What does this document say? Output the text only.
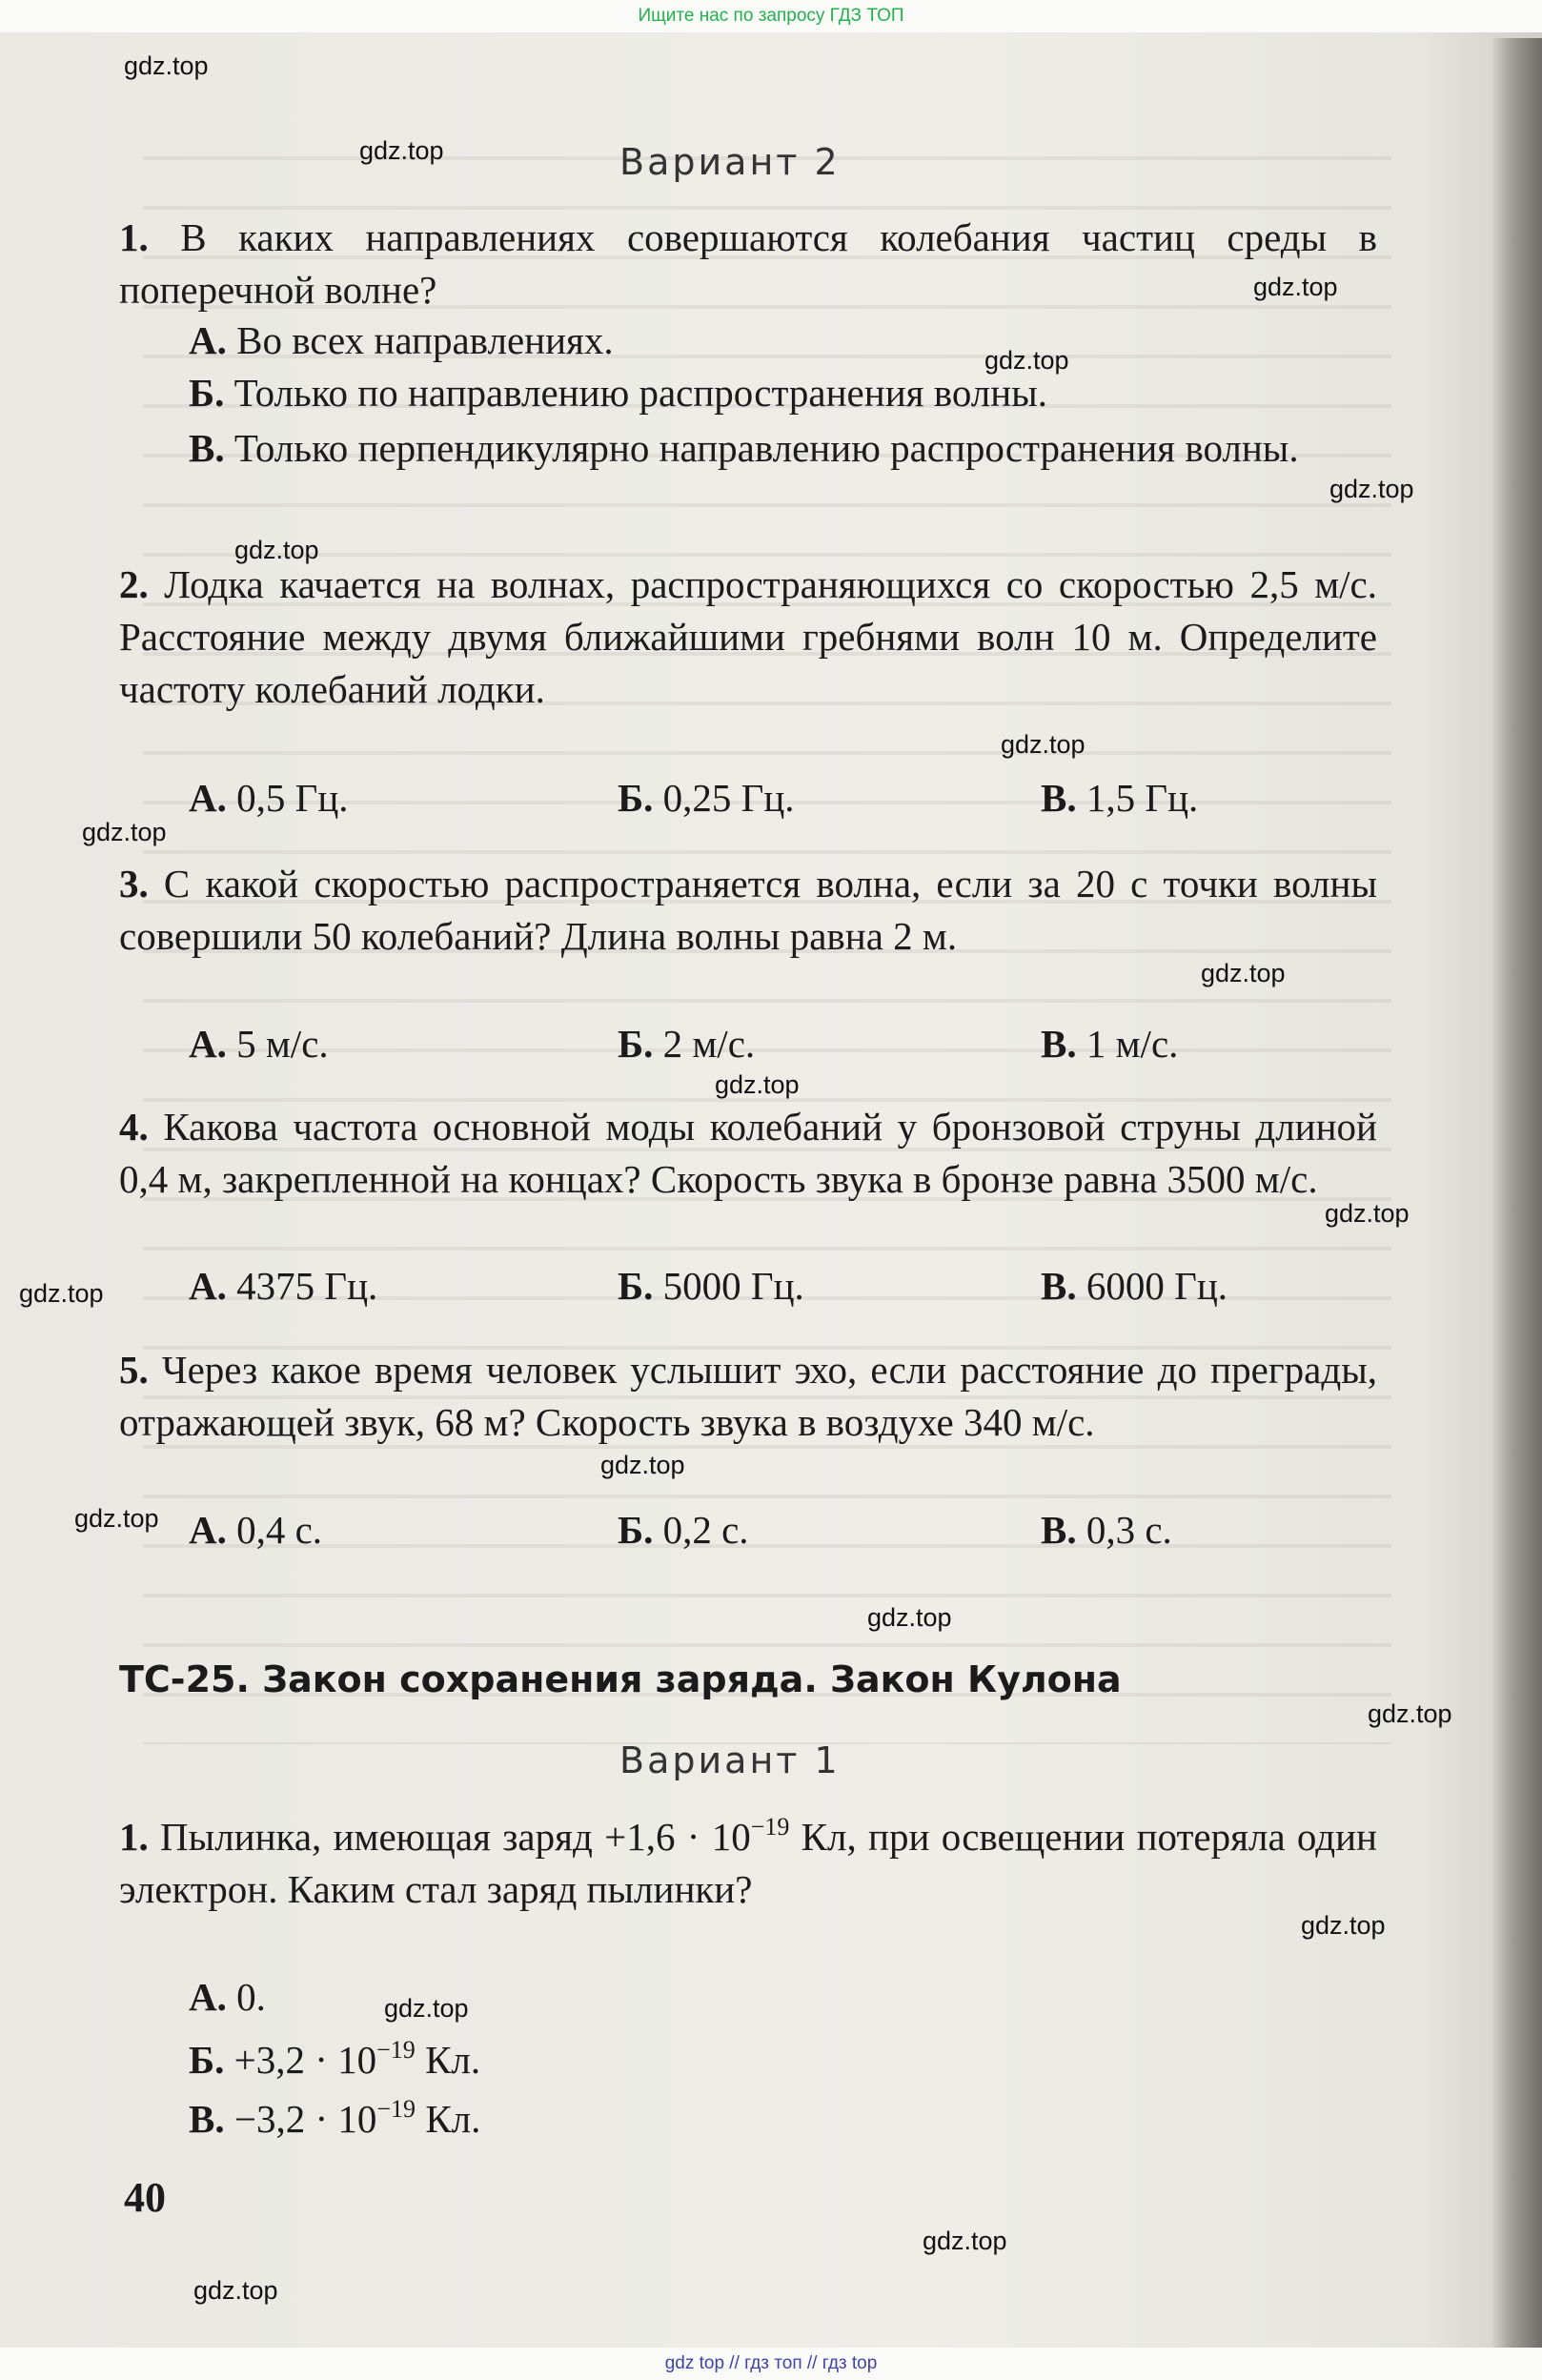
Ищите нас по запросу ГДЗ ТОП
Вариант 2
1. В каких направлениях совершаются колебания частиц среды в поперечной волне?
А. Во всех направлениях.
Б. Только по направлению распространения волны.
В. Только перпендикулярно направлению распространения волны.
2. Лодка качается на волнах, распространяющихся со скоростью 2,5 м/с. Расстояние между двумя ближайшими гребнями волн 10 м. Определите частоту колебаний лодки.
А. 0,5 Гц.	Б. 0,25 Гц.	В. 1,5 Гц.
3. С какой скоростью распространяется волна, если за 20 с точки волны совершили 50 колебаний? Длина волны равна 2 м.
А. 5 м/с.	Б. 2 м/с.	В. 1 м/с.
4. Какова частота основной моды колебаний у бронзовой струны длиной 0,4 м, закрепленной на концах? Скорость звука в бронзе равна 3500 м/с.
А. 4375 Гц.	Б. 5000 Гц.	В. 6000 Гц.
5. Через какое время человек услышит эхо, если расстояние до преграды, отражающей звук, 68 м? Скорость звука в воздухе 340 м/с.
А. 0,4 с.	Б. 0,2 с.	В. 0,3 с.
ТС-25. Закон сохранения заряда. Закон Кулона
Вариант 1
1. Пылинка, имеющая заряд $+1,6 \cdot 10^{-19}$ Кл, при освещении потеряла один электрон. Каким стал заряд пылинки?
А. 0.
Б. $+3,2 \cdot 10^{-19}$ Кл.
В. $-3,2 \cdot 10^{-19}$ Кл.
40
gdz.top
gdz.top
gdz.top
gdz.top
gdz.top
gdz.top
gdz.top
gdz.top
gdz.top
gdz.top
gdz.top
gdz.top
gdz.top
gdz.top
gdz.top
gdz.top
gdz.top
gdz.top
gdz.top
gdz.top
gdz top // гдз топ // гдз top
